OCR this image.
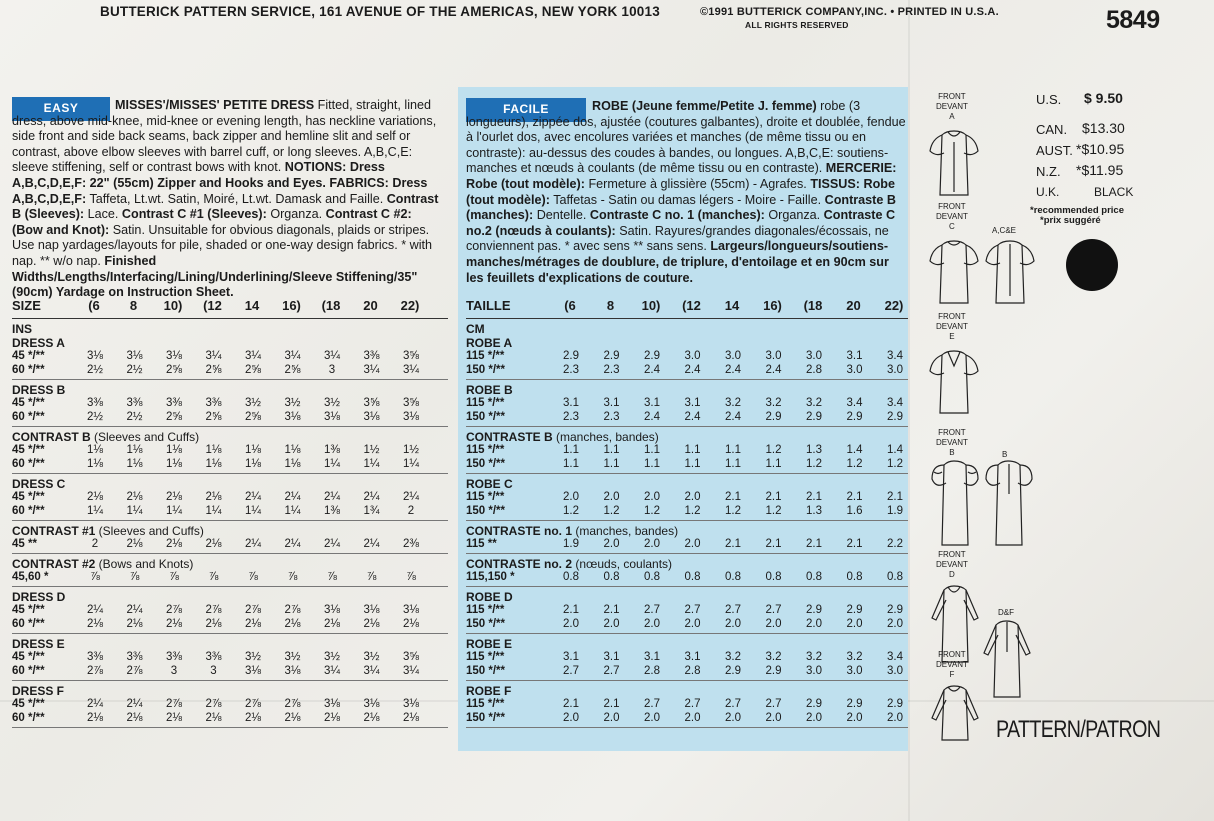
BUTTERICK PATTERN SERVICE, 161 AVENUE OF THE AMERICAS, NEW YORK 10013	©1991 BUTTERICK COMPANY,INC. • PRINTED IN U.S.A.
ALL RIGHTS RESERVED	5849
EASY	MISSES'/MISSES' PETITE DRESS Fitted, straight, lined dress, above mid-knee, mid-knee or evening length, has neckline variations, side front and side back seams, back zipper and hemline slit and self or contrast, above elbow sleeves with barrel cuff, or long sleeves. A,B,C,E: sleeve stiffening, self or contrast bows with knot. NOTIONS: Dress A,B,C,D,E,F: 22" (55cm) Zipper and Hooks and Eyes. FABRICS: Dress A,B,C,D,E,F: Taffeta, Lt.wt. Satin, Moiré, Lt.wt. Damask and Faille. Contrast B (Sleeves): Lace. Contrast C #1 (Sleeves): Organza. Contrast C #2: (Bow and Knot): Satin. Unsuitable for obvious diagonals, plaids or stripes. Use nap yardages/layouts for pile, shaded or one-way design fabrics. * with nap. ** w/o nap. Finished Widths/Lengths/Interfacing/Lining/Underlining/Sleeve Stiffening/35" (90cm) Yardage on Instruction Sheet.

FACILE	ROBE (Jeune femme/Petite J. femme) robe (3 longueurs), zippée dos, ajustée (coutures galbantes), droite et doublée, fendue à l'ourlet dos, avec encolures variées et manches (de même tissu ou en contraste): au-dessus des coudes à bandes, ou longues. A,B,C,E: soutiens-manches et nœuds à coulants (de même tissu ou en contraste). MERCERIE: Robe (tout modèle): Fermeture à glissière (55cm) - Agrafes. TISSUS: Robe (tout modèle): Taffetas - Satin ou damas légers - Moire - Faille. Contraste B (manches): Dentelle. Contraste C no. 1 (manches): Organza. Contraste C no.2 (nœuds à coulants): Satin. Rayures/grandes diagonales/écossais, ne conviennent pas. * avec sens ** sans sens. Largeurs/longueurs/soutiens-manches/métrages de doublure, de triplure, d'entoilage et en 90cm sur les feuillets d'explications de couture.

FRONT
DEVANT
A
FRONT
DEVANT
C	A,C&E
FRONT
DEVANT
E
FRONT
DEVANT
B	B
FRONT
DEVANT
D
D&F
FRONT
DEVANT
F
U.S. $ 9.50
CAN. $13.30
AUST. *$10.95
N.Z. *$11.95
U.K.	BLACK
*recommended price
*prix suggéré
PATTERN/PATRON
SIZE	(6	8	10)	(12	14	16)	(18	20	22)
INS
DRESS A
45 */**	3⅛	3⅛	3⅛	3¼	3¼	3¼	3¼	3⅜	3⅝
60 */**	2½	2½	2⅝	2⅝	2⅝	2⅝	3	3¼	3¼
DRESS B
45 */**	3⅜	3⅜	3⅜	3⅜	3½	3½	3½	3⅝	3⅝
60 */**	2½	2½	2⅝	2⅝	2⅝	3⅛	3⅛	3⅛	3⅛
CONTRAST B (Sleeves and Cuffs)
45 */**	1⅛	1⅛	1⅛	1⅛	1⅛	1⅛	1⅜	1½	1½
60 */**	1⅛	1⅛	1⅛	1⅛	1⅛	1⅛	1¼	1¼	1¼
DRESS C
45 */**	2⅛	2⅛	2⅛	2⅛	2¼	2¼	2¼	2¼	2¼
60 */**	1¼	1¼	1¼	1¼	1¼	1¼	1⅜	1¾	2
CONTRAST #1 (Sleeves and Cuffs)
45 **	2	2⅛	2⅛	2⅛	2¼	2¼	2¼	2¼	2⅜
CONTRAST #2 (Bows and Knots)
45,60 *	⅞	⅞	⅞	⅞	⅞	⅞	⅞	⅞	⅞
DRESS D
45 */**	2¼	2¼	2⅞	2⅞	2⅞	2⅞	3⅛	3⅛	3⅛
60 */**	2⅛	2⅛	2⅛	2⅛	2⅛	2⅛	2⅛	2⅛	2⅛
DRESS E
45 */**	3⅜	3⅜	3⅜	3⅜	3½	3½	3½	3½	3⅝
60 */**	2⅞	2⅞	3	3	3⅛	3⅛	3¼	3¼	3¼
DRESS F
45 */**	2¼	2¼	2⅞	2⅞	2⅞	2⅞	3⅛	3⅛	3⅛
60 */**	2⅛	2⅛	2⅛	2⅛	2⅛	2⅛	2⅛	2⅛	2⅛
TAILLE	(6	8	10)	(12	14	16)	(18	20	22)
CM
ROBE A
115 */**	2.9	2.9	2.9	3.0	3.0	3.0	3.0	3.1	3.4
150 */**	2.3	2.3	2.4	2.4	2.4	2.4	2.8	3.0	3.0
ROBE B
115 */**	3.1	3.1	3.1	3.1	3.2	3.2	3.2	3.4	3.4
150 */**	2.3	2.3	2.4	2.4	2.4	2.9	2.9	2.9	2.9
CONTRASTE B (manches, bandes)
115 */**	1.1	1.1	1.1	1.1	1.1	1.2	1.3	1.4	1.4
150 */**	1.1	1.1	1.1	1.1	1.1	1.1	1.2	1.2	1.2
ROBE C
115 */**	2.0	2.0	2.0	2.0	2.1	2.1	2.1	2.1	2.1
150 */**	1.2	1.2	1.2	1.2	1.2	1.2	1.3	1.6	1.9
CONTRASTE no. 1 (manches, bandes)
115 **	1.9	2.0	2.0	2.0	2.1	2.1	2.1	2.1	2.2
CONTRASTE no. 2 (nœuds, coulants)
115,150 *	0.8	0.8	0.8	0.8	0.8	0.8	0.8	0.8	0.8
ROBE D
115 */**	2.1	2.1	2.7	2.7	2.7	2.7	2.9	2.9	2.9
150 */**	2.0	2.0	2.0	2.0	2.0	2.0	2.0	2.0	2.0
ROBE E
115 */**	3.1	3.1	3.1	3.1	3.2	3.2	3.2	3.2	3.4
150 */**	2.7	2.7	2.8	2.8	2.9	2.9	3.0	3.0	3.0
ROBE F
115 */**	2.1	2.1	2.7	2.7	2.7	2.7	2.9	2.9	2.9
150 */**	2.0	2.0	2.0	2.0	2.0	2.0	2.0	2.0	2.0
